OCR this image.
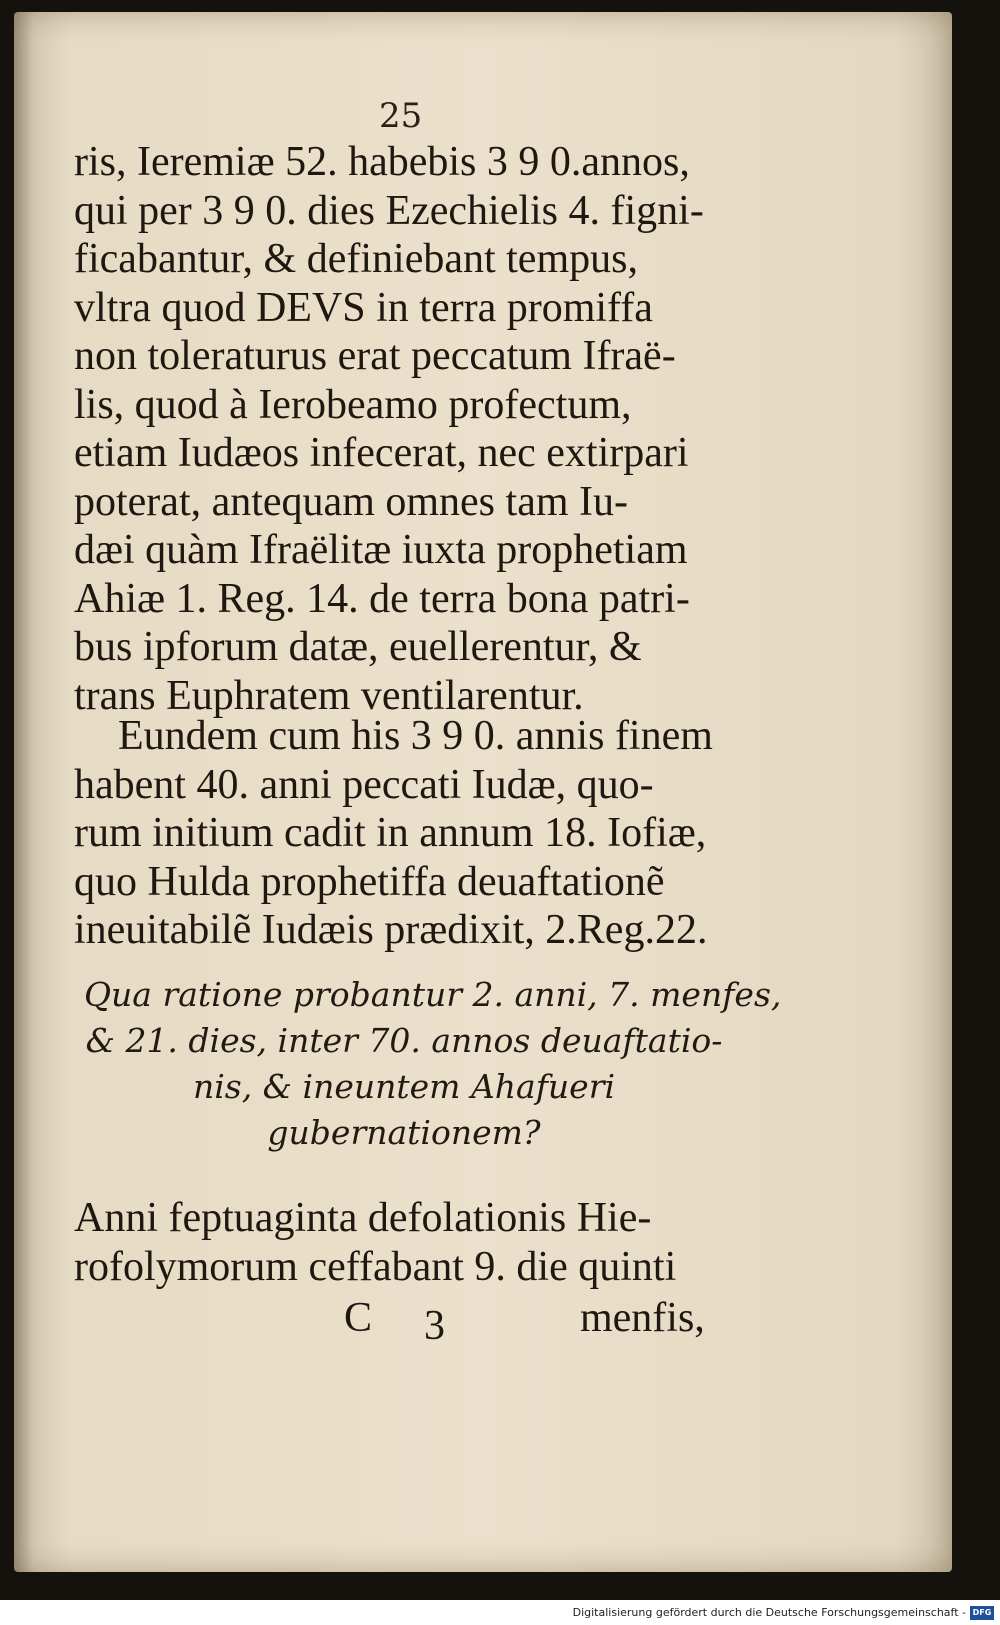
25
ris, Ieremiæ 52. habebis 3 9 0.annos,
qui per 3 9 0. dies Ezechielis 4. figni-
ficabantur, & definiebant tempus,
vltra quod DEVS in terra promiffa
non toleraturus erat peccatum Ifraë-
lis, quod à Ierobeamo profectum,
etiam Iudæos infecerat, nec extirpari
poterat, antequam omnes tam Iu-
dæi quàm Ifraëlitæ iuxta prophetiam
Ahiæ 1. Reg. 14. de terra bona patri-
bus ipforum datæ, euellerentur, &
trans Euphratem ventilarentur.
Eundem cum his 3 9 0. annis finem
habent 40. anni peccati Iudæ, quo-
rum initium cadit in annum 18. Iofiæ,
quo Hulda prophetiffa deuaftationẽ
ineuitabilẽ Iudæis prædixit, 2.Reg.22.
Qua ratione probantur 2. anni, 7. menfes,
& 21. dies, inter 70. annos deuaftatio-
nis, & ineuntem Ahafueri
gubernationem?
Anni feptuaginta defolationis Hie-
rofolymorum ceffabant 9. die quinti
C 3	menfis,
Digitalisierung gefördert durch die Deutsche Forschungsgemeinschaft - DFG
